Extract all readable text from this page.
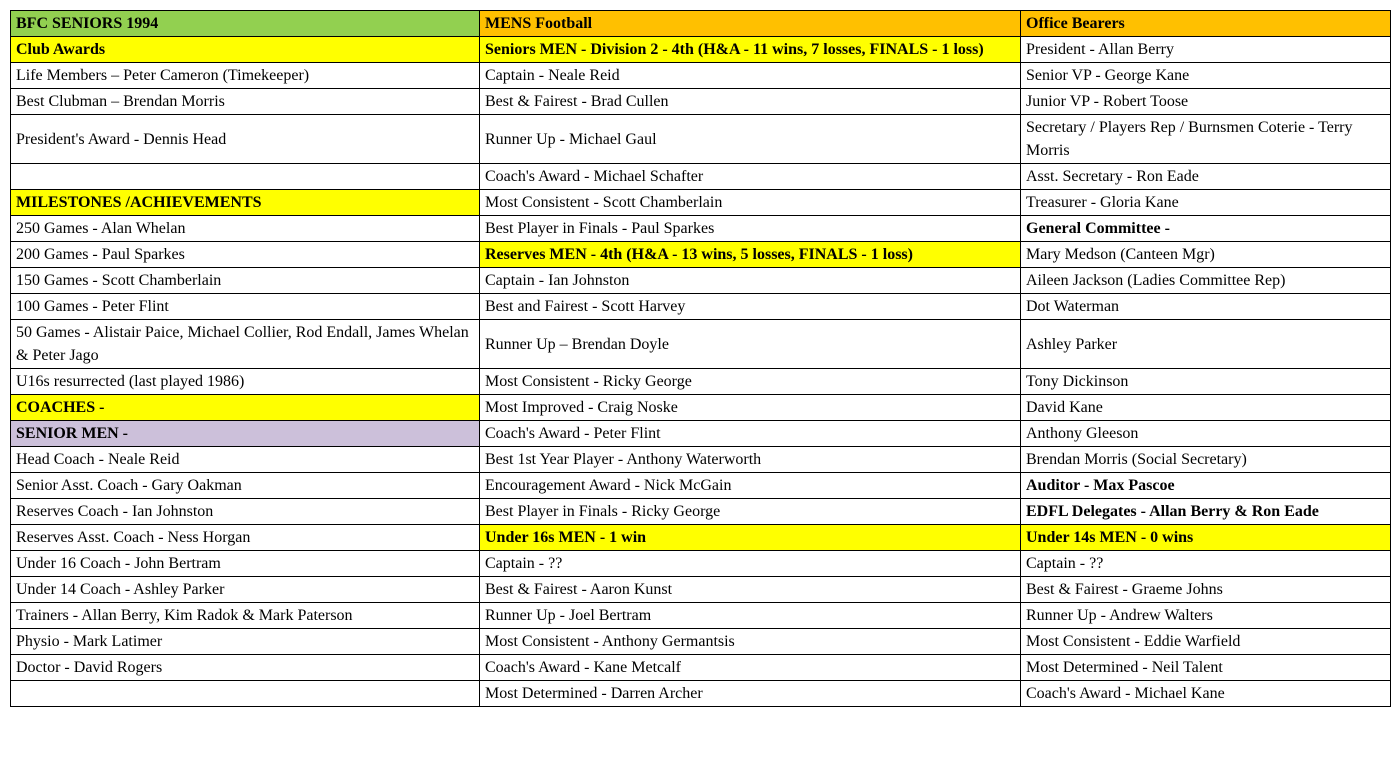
BFC SENIORS 1994	MENS Football	Office Bearers
Club Awards	Seniors MEN - Division 2 - 4th (H&A - 11 wins, 7 losses, FINALS - 1 loss)	President - Allan Berry
Life Members – Peter Cameron (Timekeeper)	Captain - Neale Reid	Senior VP - George Kane
Best Clubman – Brendan Morris	Best & Fairest - Brad Cullen	Junior VP - Robert Toose
President's Award - Dennis Head	Runner Up - Michael Gaul	Secretary / Players Rep / Burnsmen Coterie - Terry Morris
	Coach's Award - Michael Schafter	Asst. Secretary - Ron Eade
MILESTONES /ACHIEVEMENTS	Most Consistent - Scott Chamberlain	Treasurer - Gloria Kane
250 Games - Alan Whelan	Best Player in Finals - Paul Sparkes	General Committee -
200 Games - Paul Sparkes	Reserves MEN - 4th (H&A - 13 wins, 5 losses, FINALS - 1 loss)	Mary Medson (Canteen Mgr)
150 Games - Scott Chamberlain	Captain - Ian Johnston	Aileen Jackson (Ladies Committee Rep)
100 Games - Peter Flint	Best and Fairest - Scott Harvey	Dot Waterman
50 Games - Alistair Paice, Michael Collier, Rod Endall, James Whelan & Peter Jago	Runner Up – Brendan Doyle	Ashley Parker
U16s resurrected (last played 1986)	Most Consistent - Ricky George	Tony Dickinson
COACHES -	Most Improved - Craig Noske	David Kane
SENIOR MEN -	Coach's Award - Peter Flint	Anthony Gleeson
Head Coach - Neale Reid	Best 1st Year Player - Anthony Waterworth	Brendan Morris (Social Secretary)
Senior Asst. Coach - Gary Oakman	Encouragement Award - Nick McGain	Auditor - Max Pascoe
Reserves Coach - Ian Johnston	Best Player in Finals - Ricky George	EDFL Delegates - Allan Berry & Ron Eade
Reserves Asst. Coach - Ness Horgan	Under 16s MEN - 1 win	Under 14s MEN - 0 wins
Under 16 Coach - John Bertram	Captain - ??	Captain - ??
Under 14 Coach - Ashley Parker	Best & Fairest - Aaron Kunst	Best & Fairest - Graeme Johns
Trainers - Allan Berry, Kim Radok & Mark Paterson	Runner Up - Joel Bertram	Runner Up - Andrew Walters
Physio - Mark Latimer	Most Consistent - Anthony Germantsis	Most Consistent - Eddie Warfield
Doctor - David Rogers	Coach's Award - Kane Metcalf	Most Determined - Neil Talent
	Most Determined - Darren Archer	Coach's Award - Michael Kane
